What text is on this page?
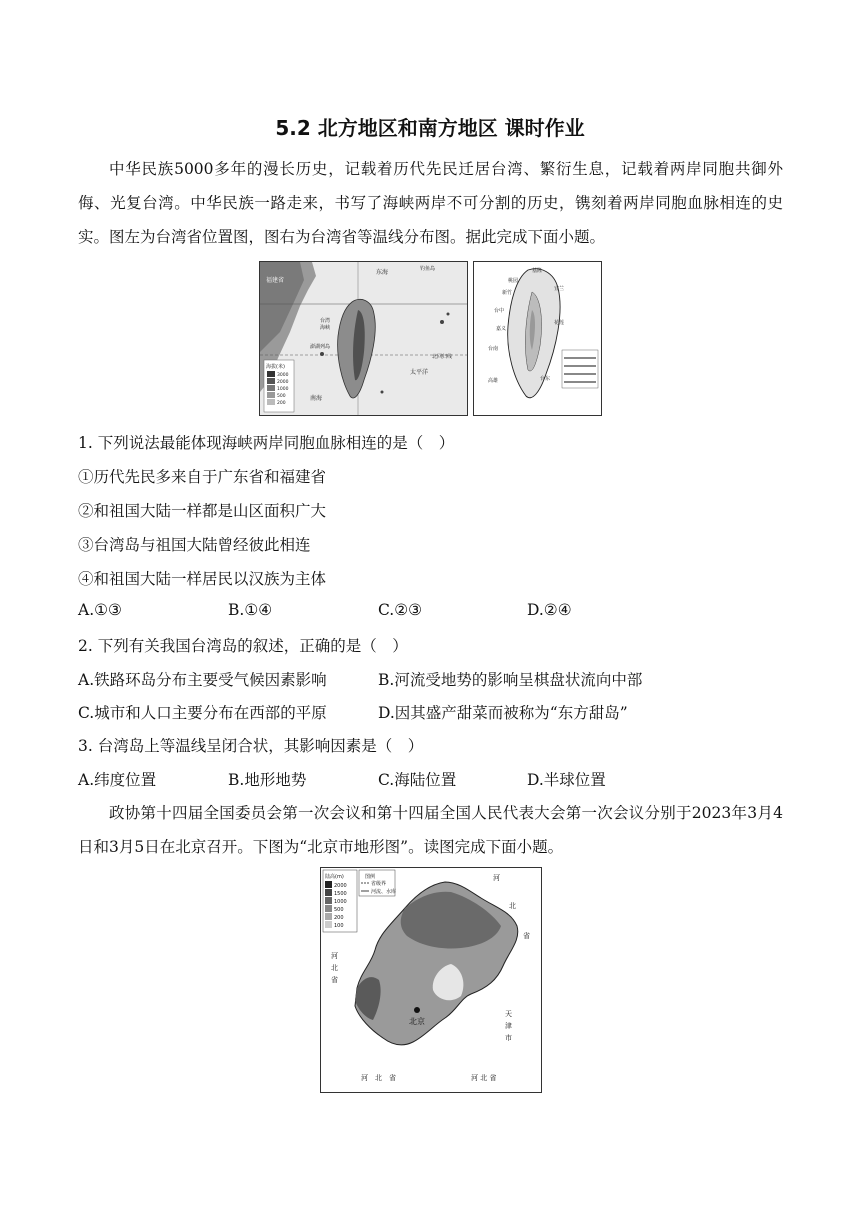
5.2 北方地区和南方地区 课时作业

中华民族5000多年的漫长历史，记载着历代先民迁居台湾、繁衍生息，记载着两岸同胞共御外侮、光复台湾。中华民族一路走来，书写了海峡两岸不可分割的历史，镌刻着两岸同胞血脉相连的史实。图左为台湾省位置图，图右为台湾省等温线分布图。据此完成下面小题。

福建省
东海	钓鱼岛
台湾
海峡
澎湖列岛
北回归线
太平洋
南海
海拔(米)
3000
2000
1000
500
200
基隆
桃园
新竹
宜兰
台中
花莲
嘉义
台南
高雄	台东
1. 下列说法最能体现海峡两岸同胞血脉相连的是（　）
①历代先民多来自于广东省和福建省
②和祖国大陆一样都是山区面积广大
③台湾岛与祖国大陆曾经彼此相连
④和祖国大陆一样居民以汉族为主体
A.①③	B.①④	C.②③	D.②④
2. 下列有关我国台湾岛的叙述，正确的是（　）
A.铁路环岛分布主要受气候因素影响	B.河流受地势的影响呈棋盘状流向中部
C.城市和人口主要分布在西部的平原	D.因其盛产甜菜而被称为“东方甜岛”
3. 台湾岛上等温线呈闭合状，其影响因素是（　）
A.纬度位置	B.地形地势	C.海陆位置	D.半球位置

政协第十四届全国委员会第一次会议和第十四届全国人民代表大会第一次会议分别于2023年3月4日和3月5日在北京召开。下图为“北京市地形图”。读图完成下面小题。

北京
天
津
市
河
北
省
河
北
省
河　北　省	河 北 省
陆高(m)
2000
1500
1000
500
200
100
图例
省级界
河流、水库
